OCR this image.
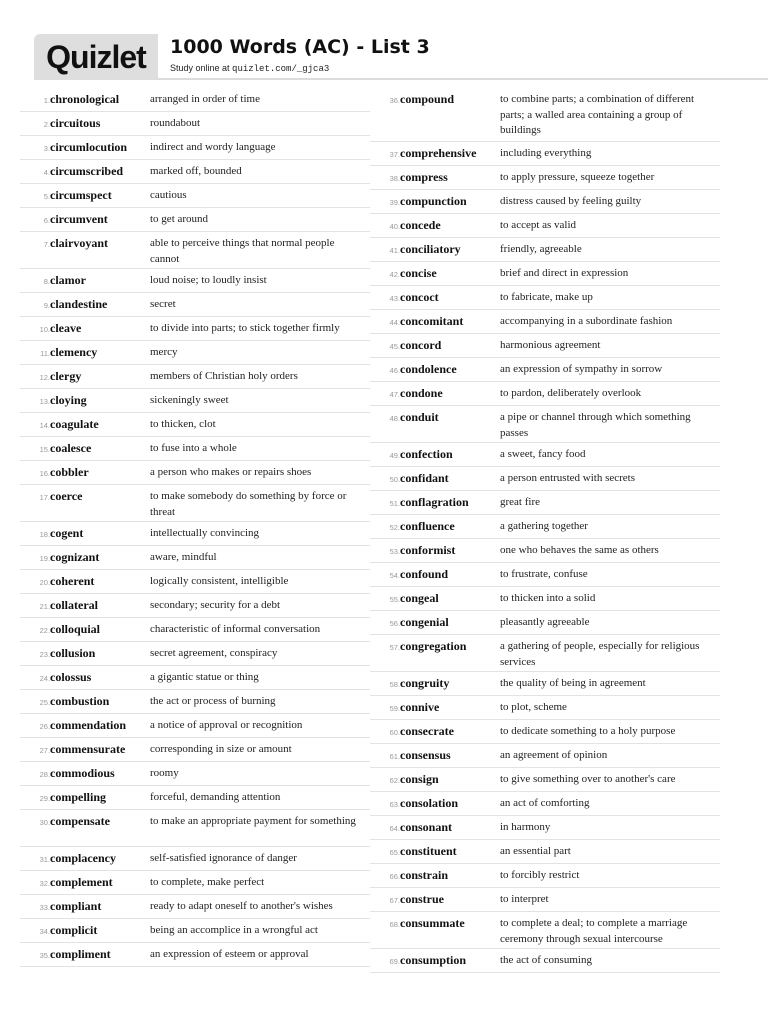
Quizlet	1000 Words (AC) - List 3
Study online at quizlet.com/_gjca3
1. chronological	arranged in order of time
2. circuitous	roundabout
3. circumlocution	indirect and wordy language
4. circumscribed	marked off, bounded
5. circumspect	cautious
6. circumvent	to get around
7. clairvoyant	able to perceive things that normal people cannot
8. clamor	loud noise; to loudly insist
9. clandestine	secret
10. cleave	to divide into parts; to stick together firmly
11. clemency	mercy
12. clergy	members of Christian holy orders
13. cloying	sickeningly sweet
14. coagulate	to thicken, clot
15. coalesce	to fuse into a whole
16. cobbler	a person who makes or repairs shoes
17. coerce	to make somebody do something by force or threat
18. cogent	intellectually convincing
19. cognizant	aware, mindful
20. coherent	logically consistent, intelligible
21. collateral	secondary; security for a debt
22. colloquial	characteristic of informal conversation
23. collusion	secret agreement, conspiracy
24. colossus	a gigantic statue or thing
25. combustion	the act or process of burning
26. commendation	a notice of approval or recognition
27. commensurate	corresponding in size or amount
28. commodious	roomy
29. compelling	forceful, demanding attention
30. compensate	to make an appropriate payment for something
31. complacency	self-satisfied ignorance of danger
32. complement	to complete, make perfect
33. compliant	ready to adapt oneself to another's wishes
34. complicit	being an accomplice in a wrongful act
35. compliment	an expression of esteem or approval
36. compound	to combine parts; a combination of different parts; a walled area containing a group of buildings
37. comprehensive	including everything
38. compress	to apply pressure, squeeze together
39. compunction	distress caused by feeling guilty
40. concede	to accept as valid
41. conciliatory	friendly, agreeable
42. concise	brief and direct in expression
43. concoct	to fabricate, make up
44. concomitant	accompanying in a subordinate fashion
45. concord	harmonious agreement
46. condolence	an expression of sympathy in sorrow
47. condone	to pardon, deliberately overlook
48. conduit	a pipe or channel through which something passes
49. confection	a sweet, fancy food
50. confidant	a person entrusted with secrets
51. conflagration	great fire
52. confluence	a gathering together
53. conformist	one who behaves the same as others
54. confound	to frustrate, confuse
55. congeal	to thicken into a solid
56. congenial	pleasantly agreeable
57. congregation	a gathering of people, especially for religious services
58. congruity	the quality of being in agreement
59. connive	to plot, scheme
60. consecrate	to dedicate something to a holy purpose
61. consensus	an agreement of opinion
62. consign	to give something over to another's care
63. consolation	an act of comforting
64. consonant	in harmony
65. constituent	an essential part
66. constrain	to forcibly restrict
67. construe	to interpret
68. consummate	to complete a deal; to complete a marriage ceremony through sexual intercourse
69. consumption	the act of consuming
